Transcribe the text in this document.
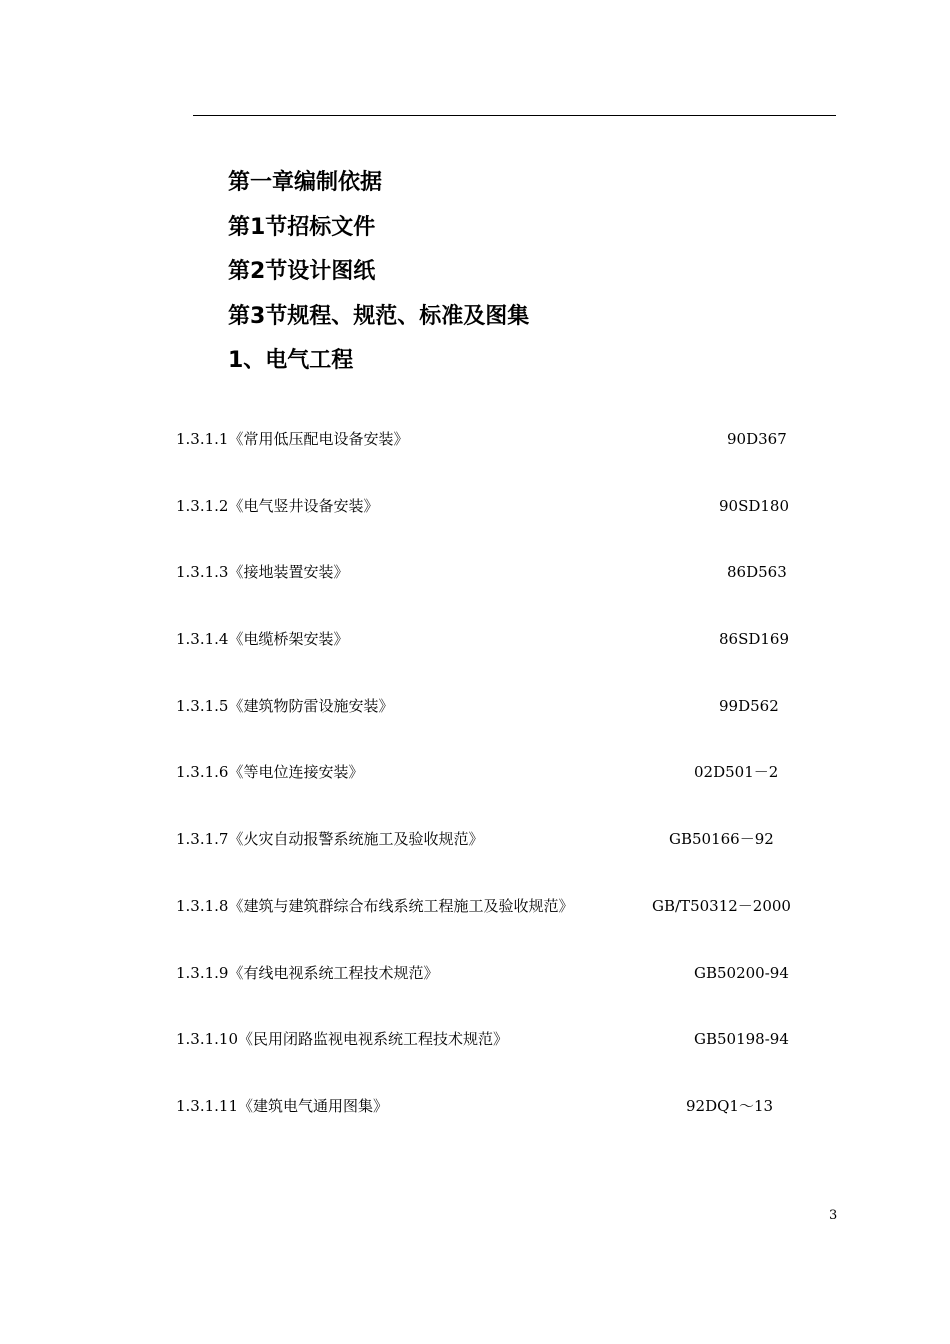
第一章编制依据
第1节招标文件
第2节设计图纸
第3节规程、规范、标准及图集
1、电气工程
1.3.1.1《常用低压配电设备安装》	90D367
1.3.1.2《电气竖井设备安装》	90SD180
1.3.1.3《接地装置安装》	86D563
1.3.1.4《电缆桥架安装》	86SD169
1.3.1.5《建筑物防雷设施安装》	99D562
1.3.1.6《等电位连接安装》	02D501－2
1.3.1.7《火灾自动报警系统施工及验收规范》	GB50166－92
1.3.1.8《建筑与建筑群综合布线系统工程施工及验收规范》	GB/T50312－2000
1.3.1.9《有线电视系统工程技术规范》	GB50200-94
1.3.1.10《民用闭路监视电视系统工程技术规范》	GB50198-94
1.3.1.11《建筑电气通用图集》	92DQ1～13
3
